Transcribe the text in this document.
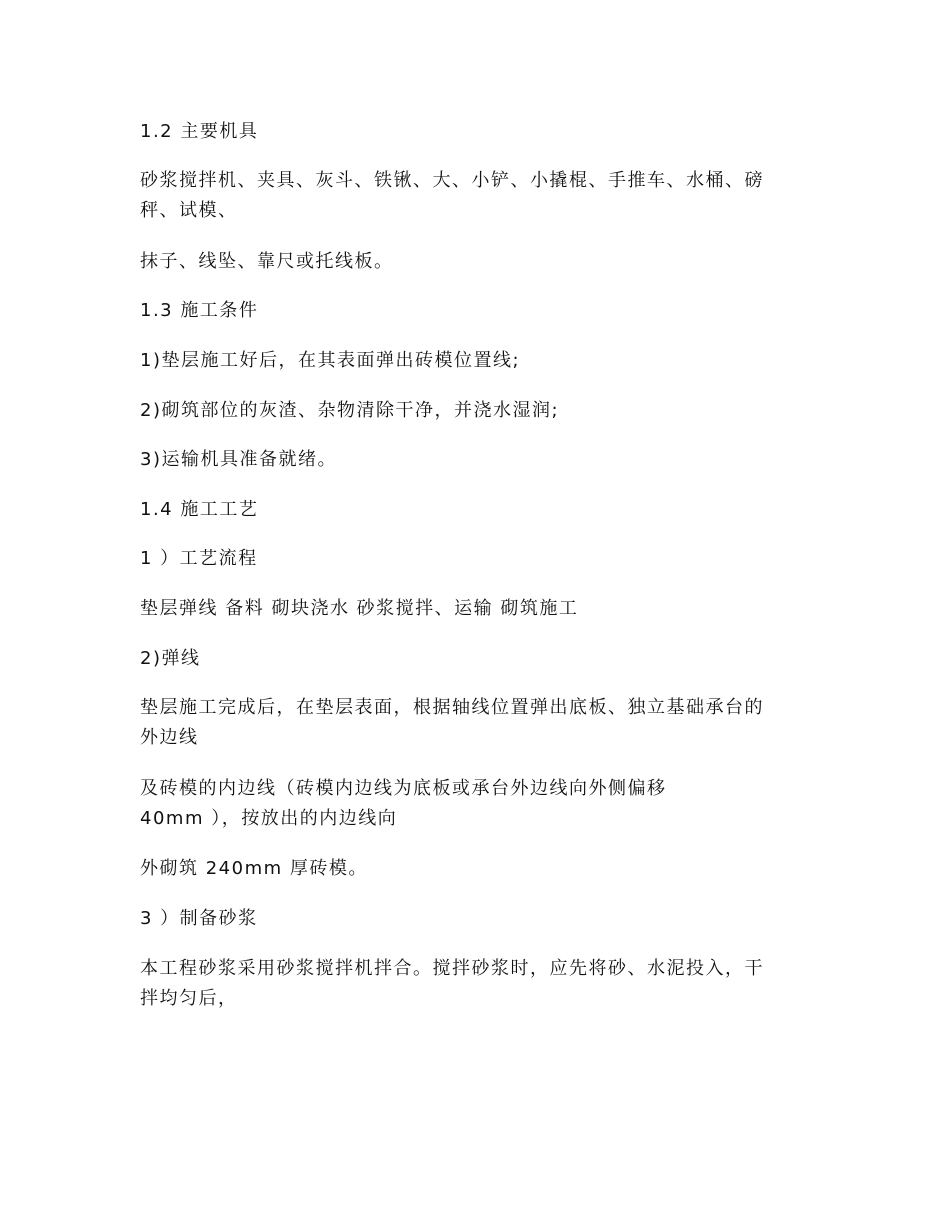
1.2 主要机具

砂浆搅拌机、夹具、灰斗、铁锹、大、小铲、小撬棍、手推车、水桶、磅
秤、试模、

抹子、线坠、靠尺或托线板。

1.3 施工条件

1)垫层施工好后，在其表面弹出砖模位置线;

2)砌筑部位的灰渣、杂物清除干净，并浇水湿润;

3)运输机具准备就绪。

1.4 施工工艺

1 ）工艺流程

垫层弹线 备料 砌块浇水 砂浆搅拌、运输 砌筑施工

2)弹线

垫层施工完成后，在垫层表面，根据轴线位置弹出底板、独立基础承台的
外边线

及砖模的内边线（砖模内边线为底板或承台外边线向外侧偏移
40mm ），按放出的内边线向

外砌筑 240mm 厚砖模。

3 ）制备砂浆

本工程砂浆采用砂浆搅拌机拌合。搅拌砂浆时，应先将砂、水泥投入，干
拌均匀后，
